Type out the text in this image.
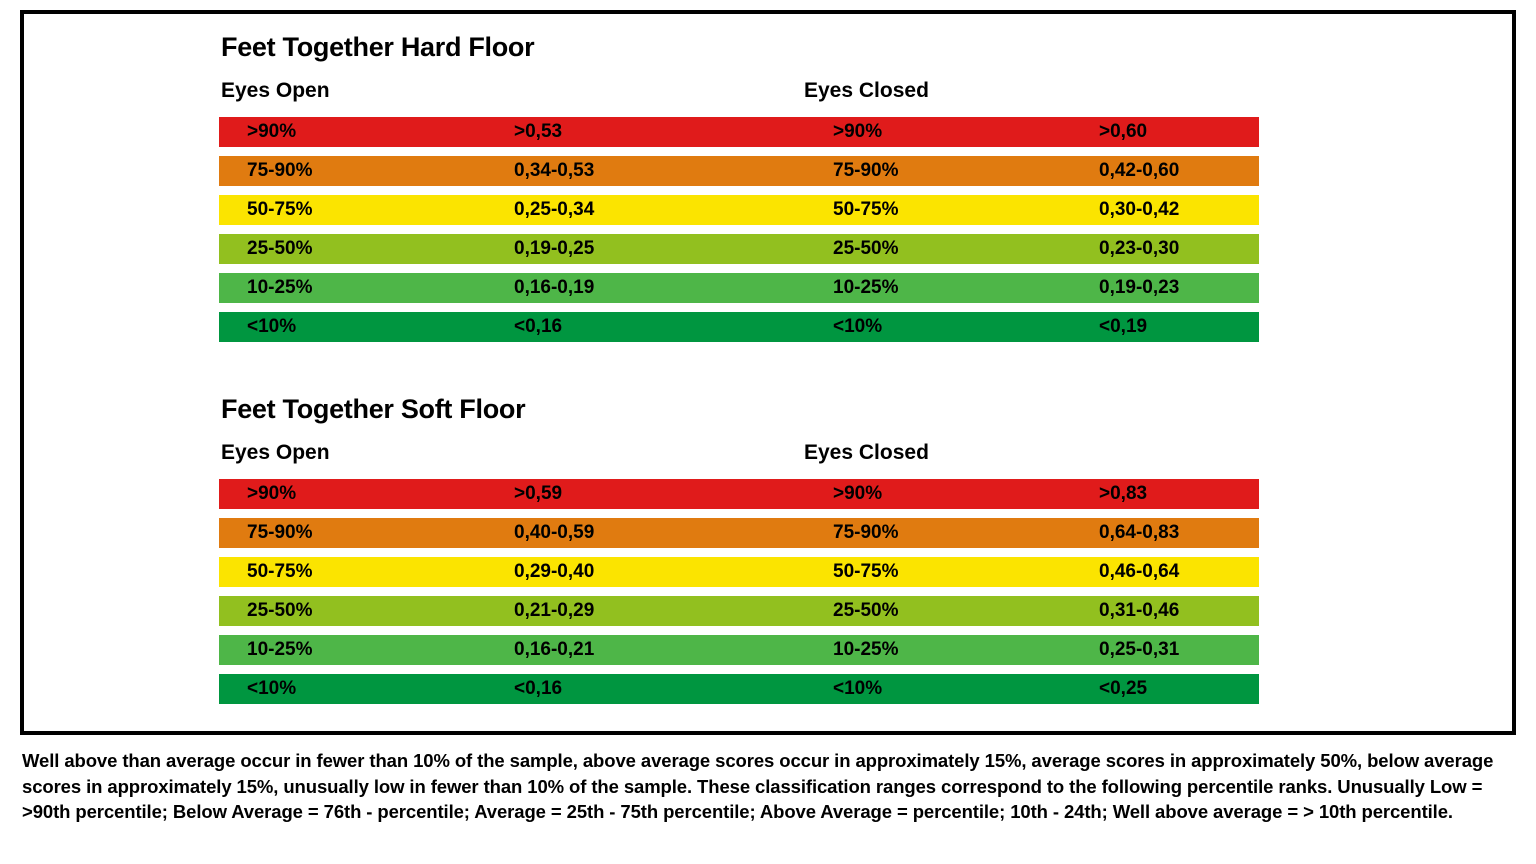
Feet Together Hard Floor
Eyes Open	Eyes Closed
>90%	>0,53	>90%	>0,60
75-90%	0,34-0,53	75-90%	0,42-0,60
50-75%	0,25-0,34	50-75%	0,30-0,42
25-50%	0,19-0,25	25-50%	0,23-0,30
10-25%	0,16-0,19	10-25%	0,19-0,23
<10%	<0,16	<10%	<0,19
Feet Together Soft Floor
Eyes Open	Eyes Closed
>90%	>0,59	>90%	>0,83
75-90%	0,40-0,59	75-90%	0,64-0,83
50-75%	0,29-0,40	50-75%	0,46-0,64
25-50%	0,21-0,29	25-50%	0,31-0,46
10-25%	0,16-0,21	10-25%	0,25-0,31
<10%	<0,16	<10%	<0,25
Well above than average occur in fewer than 10% of the sample, above average scores occur in approximately 15%, average scores in approximately 50%, below average scores in approximately 15%, unusually low in fewer than 10% of the sample. These classification ranges correspond to the following percentile ranks. Unusually Low = >90th percentile; Below Average = 76th - percentile; Average = 25th - 75th percentile; Above Average = percentile; 10th - 24th; Well above average = > 10th percentile.
